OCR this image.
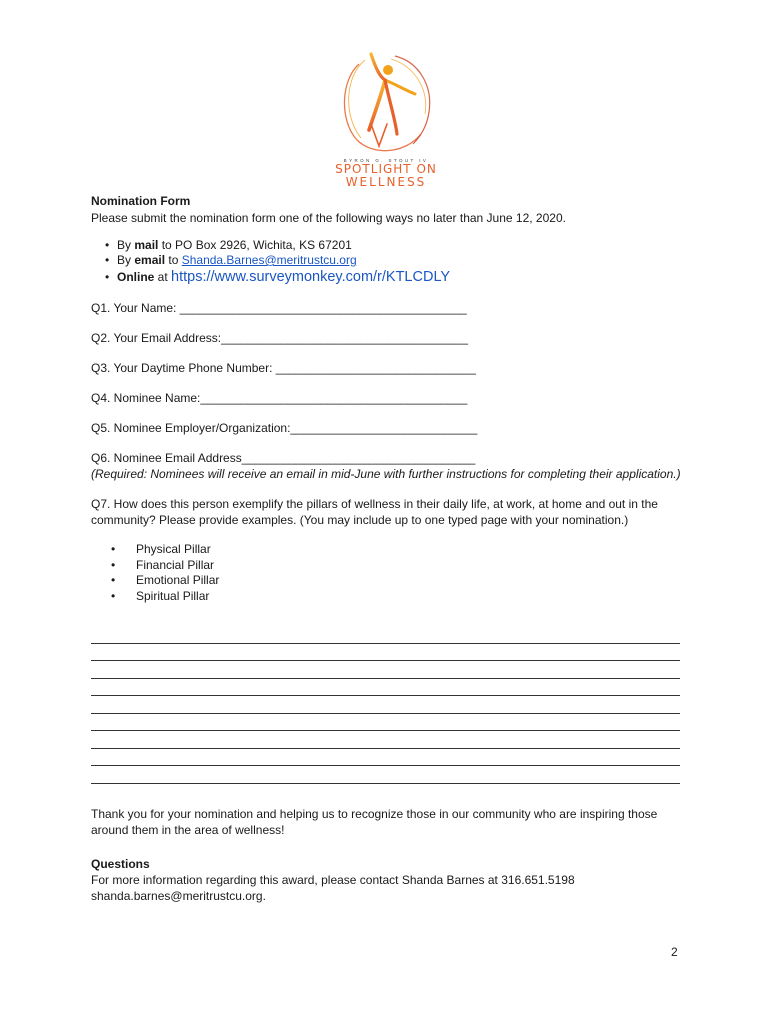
BYRON G. STOUT IV
SPOTLIGHT ON
WELLNESS
Nomination Form
Please submit the nomination form one of the following ways no later than June 12, 2020.
• By mail to PO Box 2926, Wichita, KS 67201
• By email to Shanda.Barnes@meritrustcu.org
• Online at https://www.surveymonkey.com/r/KTLCDLY
Q1. Your Name: ___________________________________________
Q2. Your Email Address:_____________________________________
Q3. Your Daytime Phone Number: ______________________________
Q4. Nominee Name:________________________________________
Q5. Nominee Employer/Organization:____________________________
Q6. Nominee Email Address___________________________________
(Required: Nominees will receive an email in mid-June with further instructions for completing their application.)
Q7. How does this person exemplify the pillars of wellness in their daily life, at work, at home and out in the community? Please provide examples. (You may include up to one typed page with your nomination.)
• Physical Pillar
• Financial Pillar
• Emotional Pillar
• Spiritual Pillar
Thank you for your nomination and helping us to recognize those in our community who are inspiring those around them in the area of wellness!
Questions
For more information regarding this award, please contact Shanda Barnes at 316.651.5198 shanda.barnes@meritrustcu.org.
2
